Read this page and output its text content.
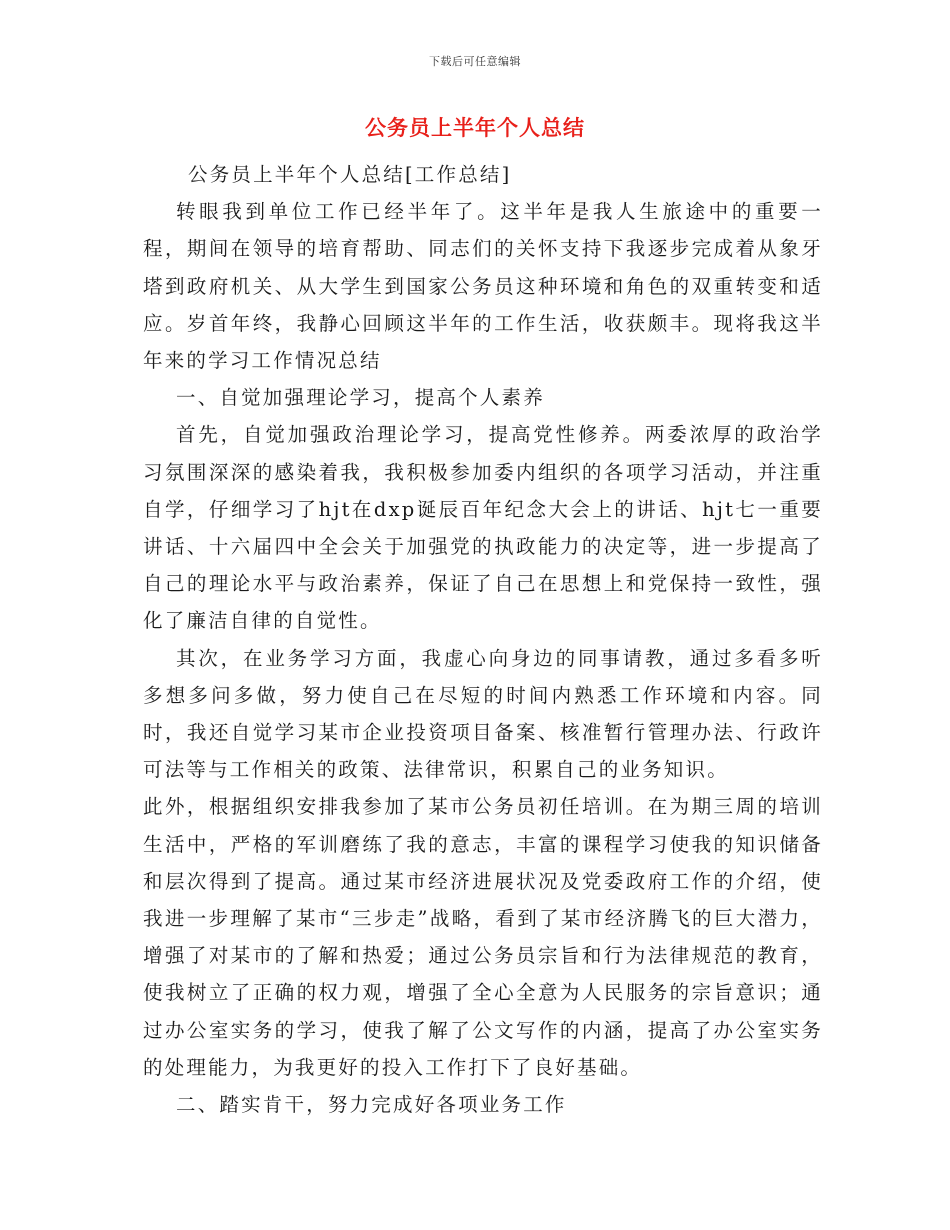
下载后可任意编辑
公务员上半年个人总结

公务员上半年个人总结[工作总结]

转眼我到单位工作已经半年了。这半年是我人生旅途中的重要一程，期间在领导的培育帮助、同志们的关怀支持下我逐步完成着从象牙塔到政府机关、从大学生到国家公务员这种环境和角色的双重转变和适应。岁首年终，我静心回顾这半年的工作生活，收获颇丰。现将我这半年来的学习工作情况总结

一、自觉加强理论学习，提高个人素养

首先，自觉加强政治理论学习，提高党性修养。两委浓厚的政治学习氛围深深的感染着我，我积极参加委内组织的各项学习活动，并注重自学，仔细学习了hjt在dxp诞辰百年纪念大会上的讲话、hjt七一重要讲话、十六届四中全会关于加强党的执政能力的决定等，进一步提高了自己的理论水平与政治素养，保证了自己在思想上和党保持一致性，强化了廉洁自律的自觉性。

其次，在业务学习方面，我虚心向身边的同事请教，通过多看多听多想多问多做，努力使自己在尽短的时间内熟悉工作环境和内容。同时，我还自觉学习某市企业投资项目备案、核准暂行管理办法、行政许可法等与工作相关的政策、法律常识，积累自己的业务知识。

此外，根据组织安排我参加了某市公务员初任培训。在为期三周的培训生活中，严格的军训磨练了我的意志，丰富的课程学习使我的知识储备和层次得到了提高。通过某市经济进展状况及党委政府工作的介绍，使我进一步理解了某市“三步走”战略，看到了某市经济腾飞的巨大潜力，增强了对某市的了解和热爱；通过公务员宗旨和行为法律规范的教育，使我树立了正确的权力观，增强了全心全意为人民服务的宗旨意识；通过办公室实务的学习，使我了解了公文写作的内涵，提高了办公室实务的处理能力，为我更好的投入工作打下了良好基础。

二、踏实肯干，努力完成好各项业务工作
